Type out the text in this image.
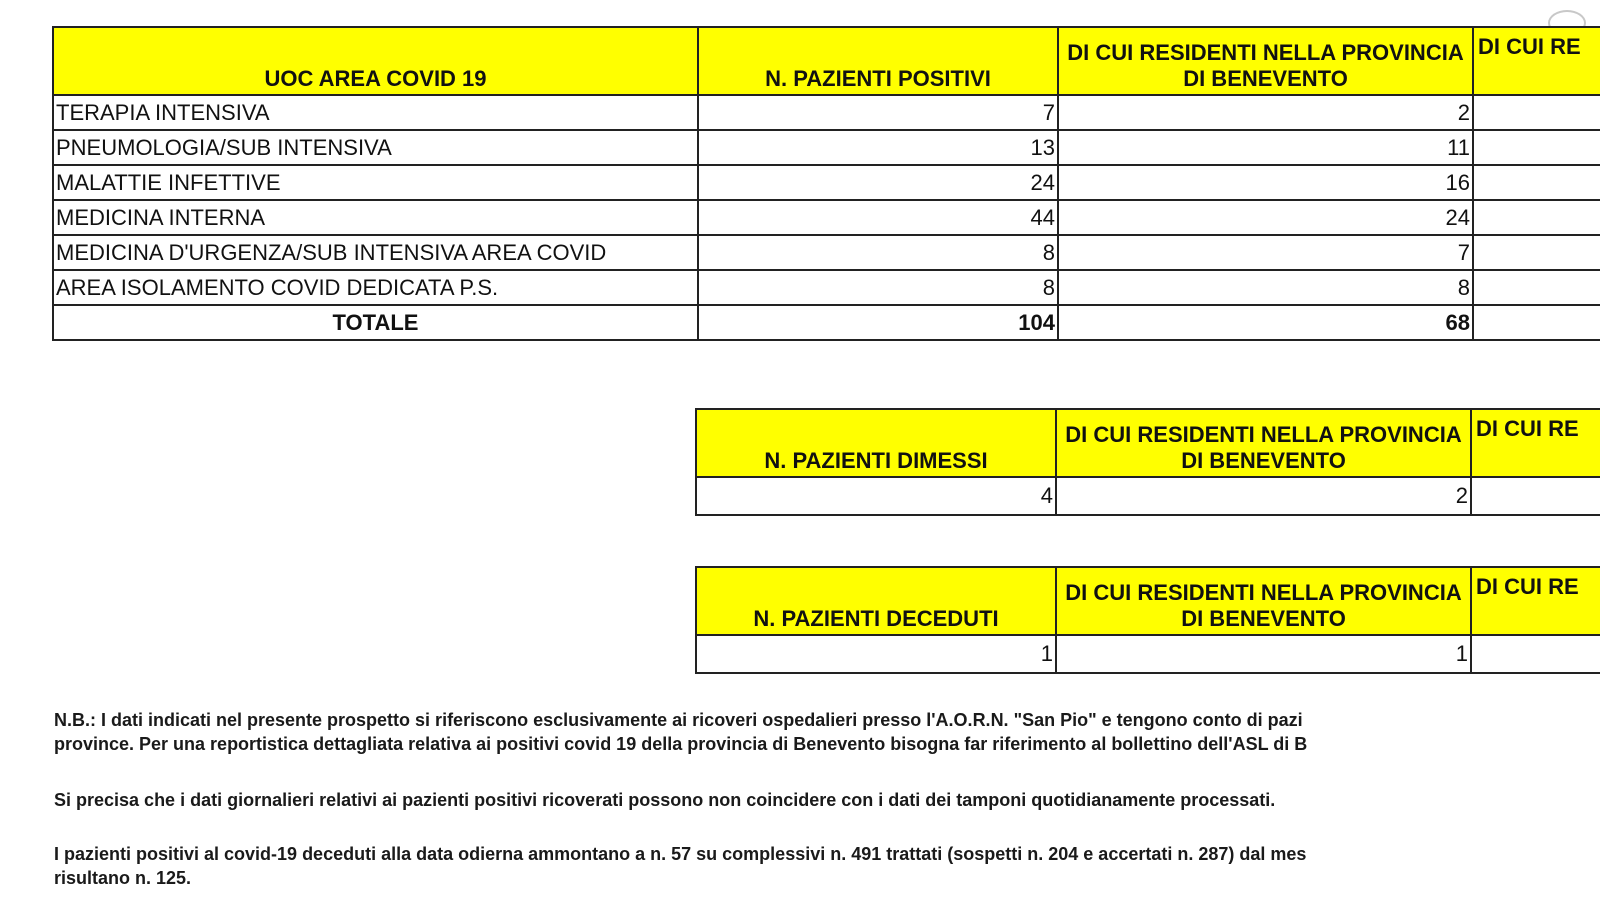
UOC AREA COVID 19	N. PAZIENTI POSITIVI	DI CUI RESIDENTI NELLA PROVINCIA DI BENEVENTO	DI CUI RE
TERAPIA INTENSIVA	7	2	
PNEUMOLOGIA/SUB INTENSIVA	13	11	
MALATTIE INFETTIVE	24	16	
MEDICINA INTERNA	44	24	
MEDICINA D'URGENZA/SUB INTENSIVA AREA COVID	8	7	
AREA ISOLAMENTO COVID DEDICATA P.S.	8	8	
TOTALE	104	68	
N. PAZIENTI DIMESSI	DI CUI RESIDENTI NELLA PROVINCIA DI BENEVENTO	DI CUI RE
4	2	
N. PAZIENTI DECEDUTI	DI CUI RESIDENTI NELLA PROVINCIA DI BENEVENTO	DI CUI RE
1	1	
N.B.: I dati indicati nel presente prospetto si riferiscono esclusivamente ai ricoveri ospedalieri presso l'A.O.R.N. "San Pio" e tengono conto di pazi
province. Per una reportistica dettagliata relativa ai positivi covid 19 della provincia di Benevento bisogna far riferimento al bollettino dell'ASL di B
Si precisa che i dati giornalieri relativi ai pazienti positivi ricoverati possono non coincidere con i dati dei tamponi quotidianamente processati.
I pazienti positivi al covid-19 deceduti alla data odierna ammontano a n. 57 su complessivi n. 491 trattati (sospetti n. 204 e accertati n. 287) dal mes
risultano n. 125.
